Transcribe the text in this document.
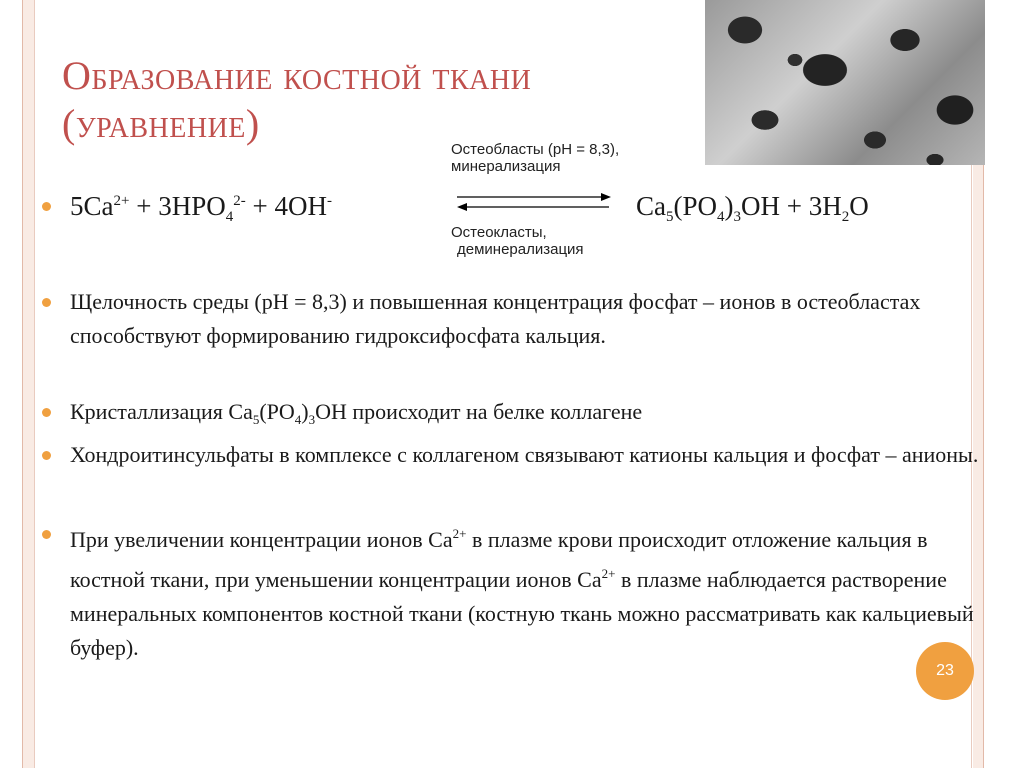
Образование костной ткани
(уравнение)
$5Ca^{2+} + 3HPO_4^{2-} + 4OH^-$
Остеобласты (pH = 8,3),
минерализация
$Ca_5(PO_4)_3OH + 3H_2O$
Остеокласты,
деминерализация
Щелочность среды (pH = 8,3) и повышенная концентрация фосфат – ионов в остеобластах способствуют формированию гидроксифосфата кальция.
Кристаллизация $Ca_5(PO_4)_3OH$ происходит на белке коллагене
Хондроитинсульфаты в комплексе с коллагеном связывают катионы кальция и фосфат – анионы.
При увеличении концентрации ионов $Ca^{2+}$ в плазме крови происходит отложение кальция в костной ткани, при уменьшении концентрации ионов $Ca^{2+}$ в плазме наблюдается растворение минеральных компонентов костной ткани (костную ткань можно рассматривать как кальциевый буфер).
23
